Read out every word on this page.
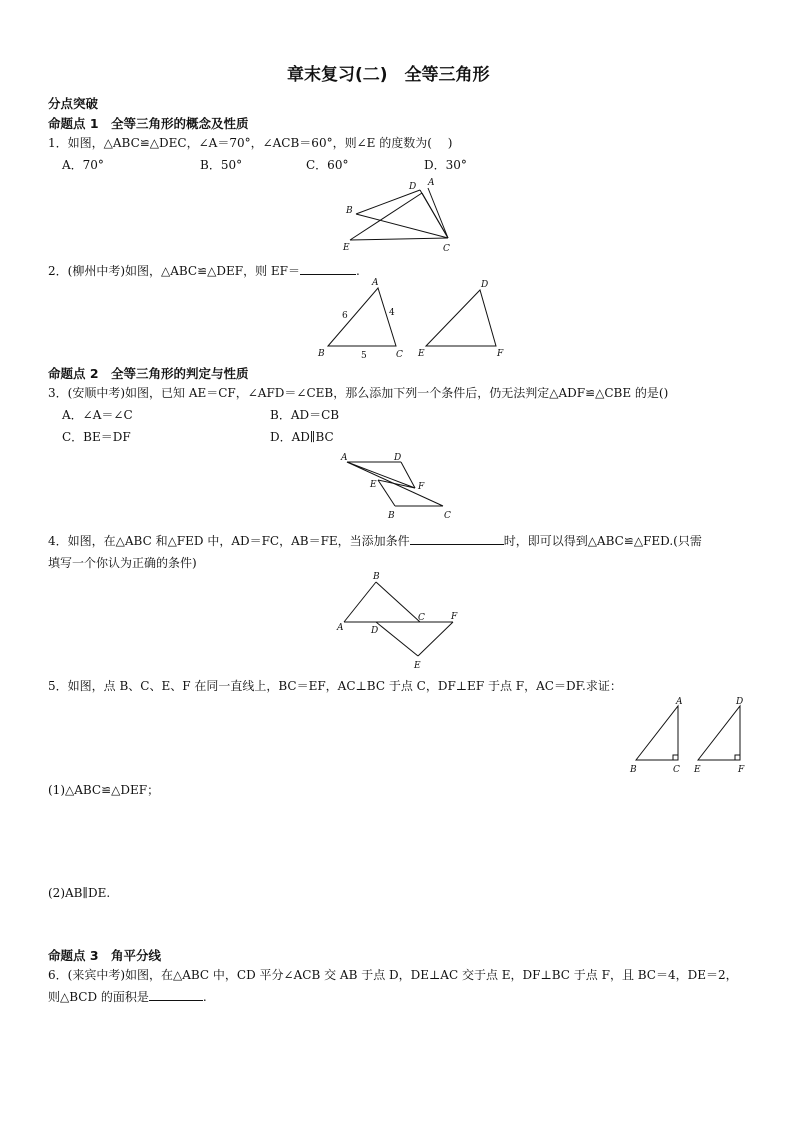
章末复习(二)　全等三角形
分点突破
命题点 1　全等三角形的概念及性质
1．如图，△ABC≌△DEC，∠A＝70°，∠ACB＝60°，则∠E 的度数为(　 )
A．70°	B．50°	C．60°	D．30°
B
D A
E	C
2．(柳州中考)如图，△ABC≌△DEF，则 EF＝	.
A
B	C
6	4
5
D
E	F
命题点 2　全等三角形的判定与性质
3．(安顺中考)如图，已知 AE＝CF，∠AFD＝∠CEB，那么添加下列一个条件后，仍无法判定△ADF≌△CBE 的是()
A．∠A＝∠C	B．AD＝CB
C．BE＝DF	D．AD∥BC
A	D
E	F
B	C
4．如图，在△ABC 和△FED 中，AD＝FC，AB＝FE，当添加条件	时，即可以得到△ABC≌△FED.(只需
填写一个你认为正确的条件)
B
A	D
C	F
E
5．如图，点 B、C、E、F 在同一直线上，BC＝EF，AC⊥BC 于点 C，DF⊥EF 于点 F，AC＝DF.求证：
A
B	C
D
E	F
(1)△ABC≌△DEF；
(2)AB∥DE.
命题点 3　角平分线
6．(来宾中考)如图，在△ABC 中，CD 平分∠ACB 交 AB 于点 D，DE⊥AC 交于点 E，DF⊥BC 于点 F，且 BC＝4，DE＝2，
则△BCD 的面积是	.
